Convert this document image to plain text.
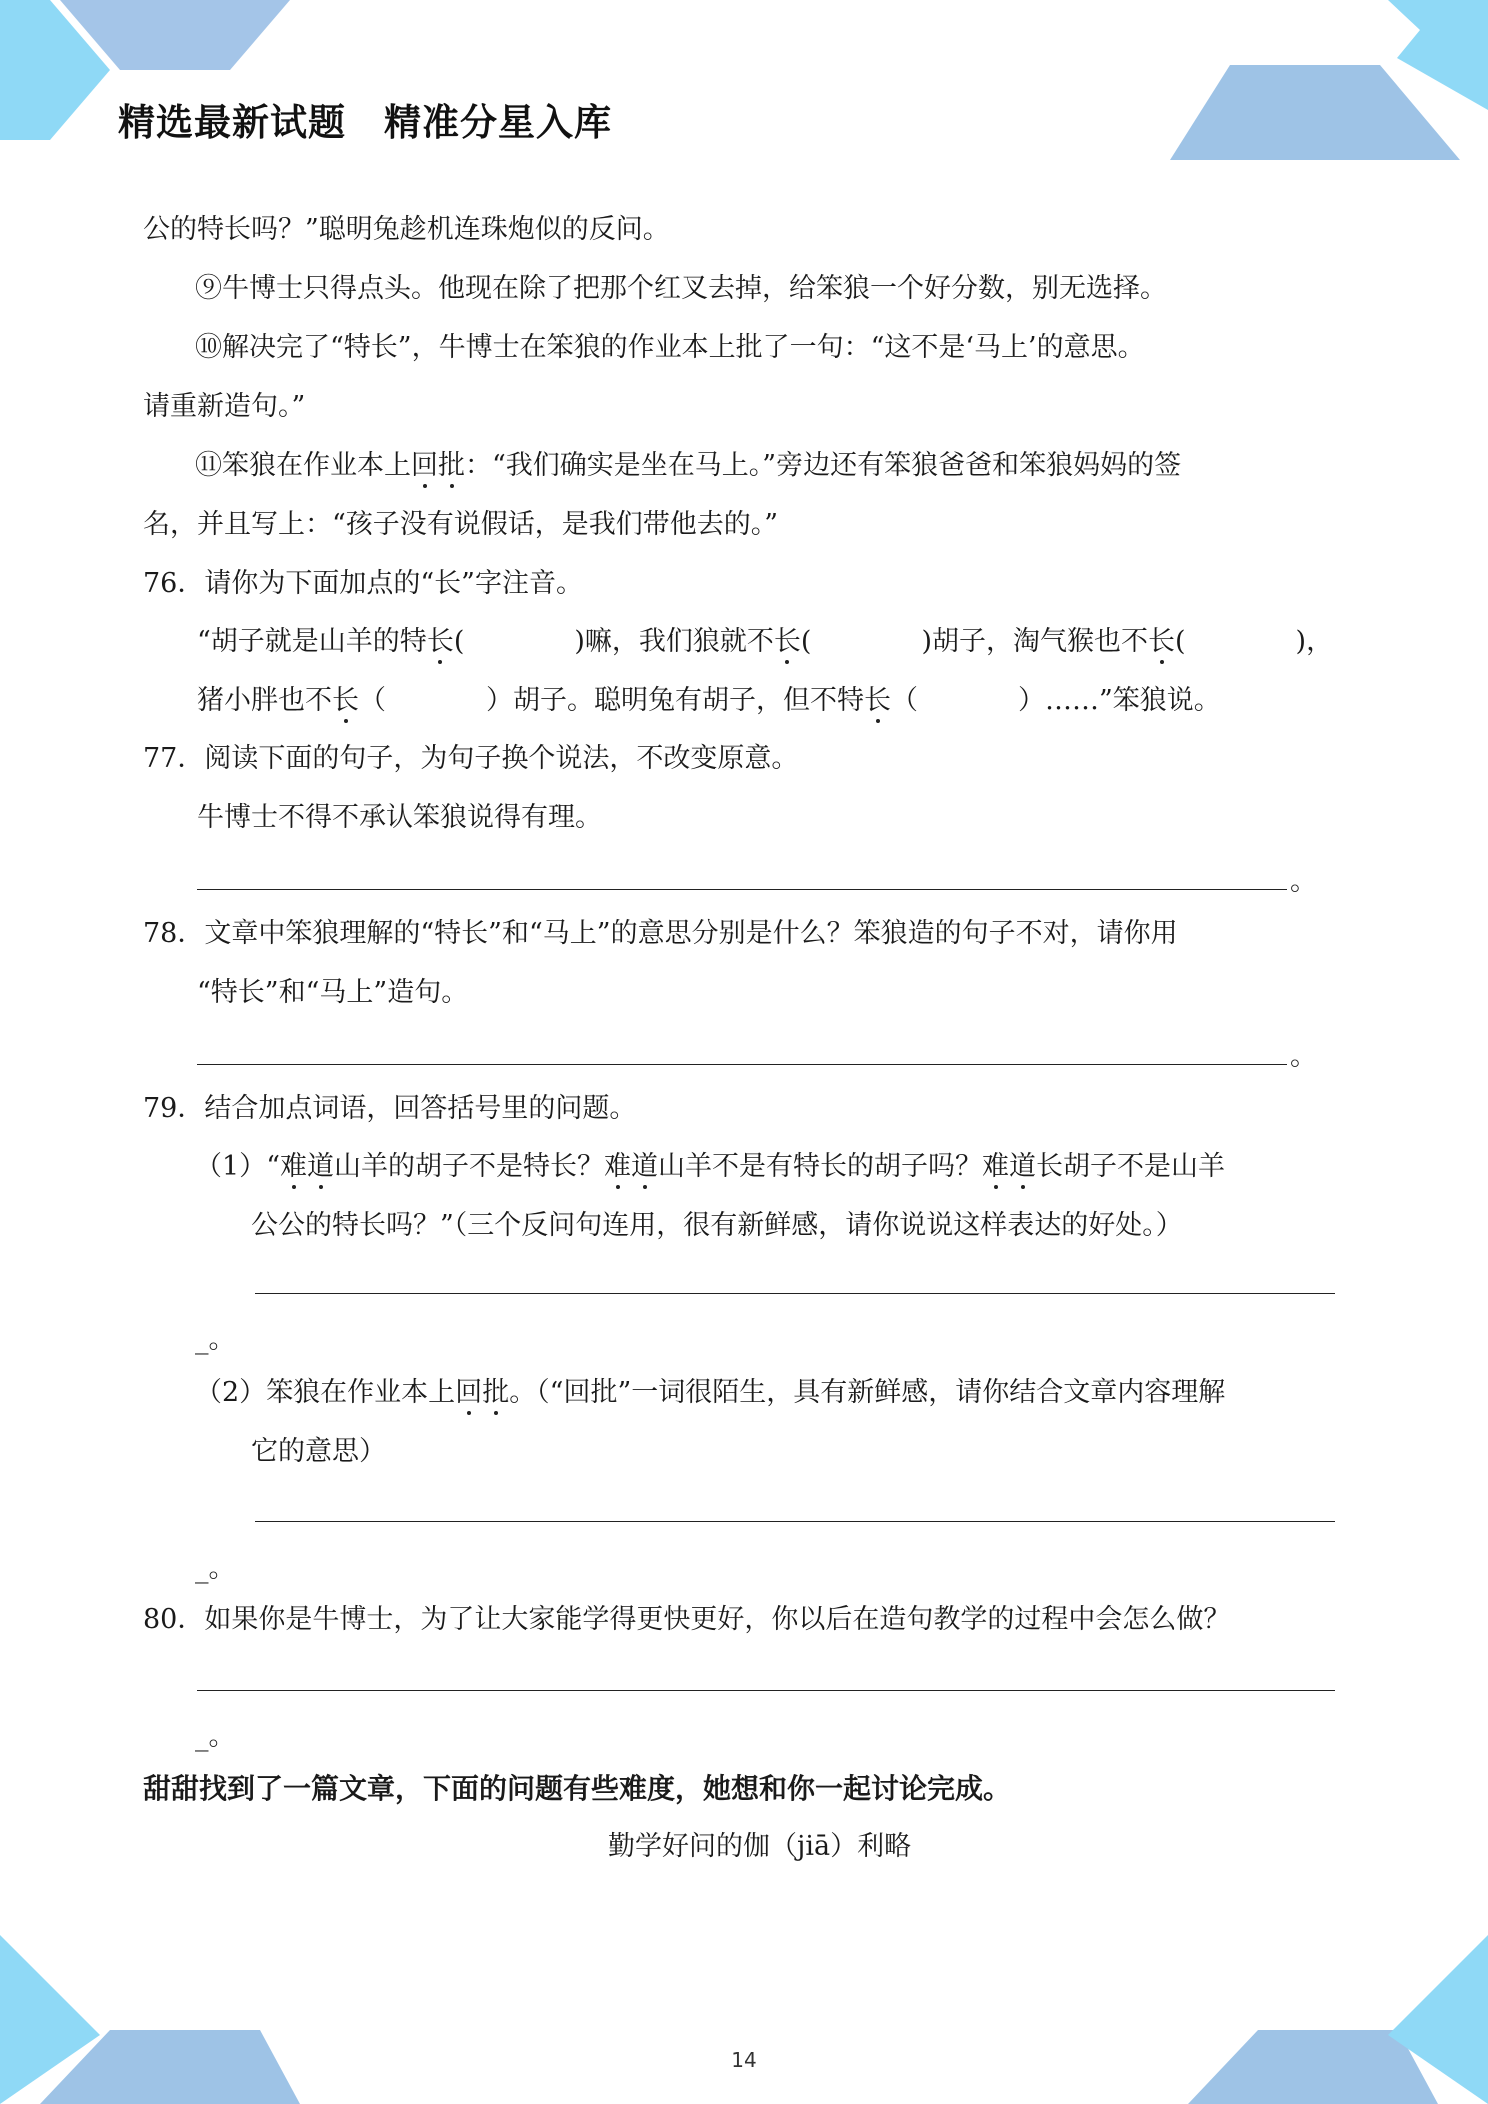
精选最新试题 精准分星入库
公的特长吗？”聪明兔趁机连珠炮似的反问。
⑨牛博士只得点头。他现在除了把那个红叉去掉，给笨狼一个好分数，别无选择。
⑩解决完了“特长”，牛博士在笨狼的作业本上批了一句：“这不是‘马上’的意思。
请重新造句。”
⑪笨狼在作业本上回批：“我们确实是坐在马上。”旁边还有笨狼爸爸和笨狼妈妈的签
名，并且写上：“孩子没有说假话，是我们带他去的。”
76．请你为下面加点的“长”字注音。
“胡子就是山羊的特长(	)嘛，我们狼就不长(	)胡子，淘气猴也不长(	)，
猪小胖也不长（	）胡子。聪明兔有胡子，但不特长（	）……”笨狼说。
77．阅读下面的句子，为句子换个说法，不改变原意。
牛博士不得不承认笨狼说得有理。
。
78．文章中笨狼理解的“特长”和“马上”的意思分别是什么？笨狼造的句子不对，请你用
“特长”和“马上”造句。
。
79．结合加点词语，回答括号里的问题。
（1）“难道山羊的胡子不是特长？难道山羊不是有特长的胡子吗？难道长胡子不是山羊
公公的特长吗？”（三个反问句连用，很有新鲜感，请你说说这样表达的好处。）
_。
（2）笨狼在作业本上回批。（“回批”一词很陌生，具有新鲜感，请你结合文章内容理解
它的意思）
_。
80．如果你是牛博士，为了让大家能学得更快更好，你以后在造句教学的过程中会怎么做？
_。
甜甜找到了一篇文章，下面的问题有些难度，她想和你一起讨论完成。
勤学好问的伽（jiā）利略
14
